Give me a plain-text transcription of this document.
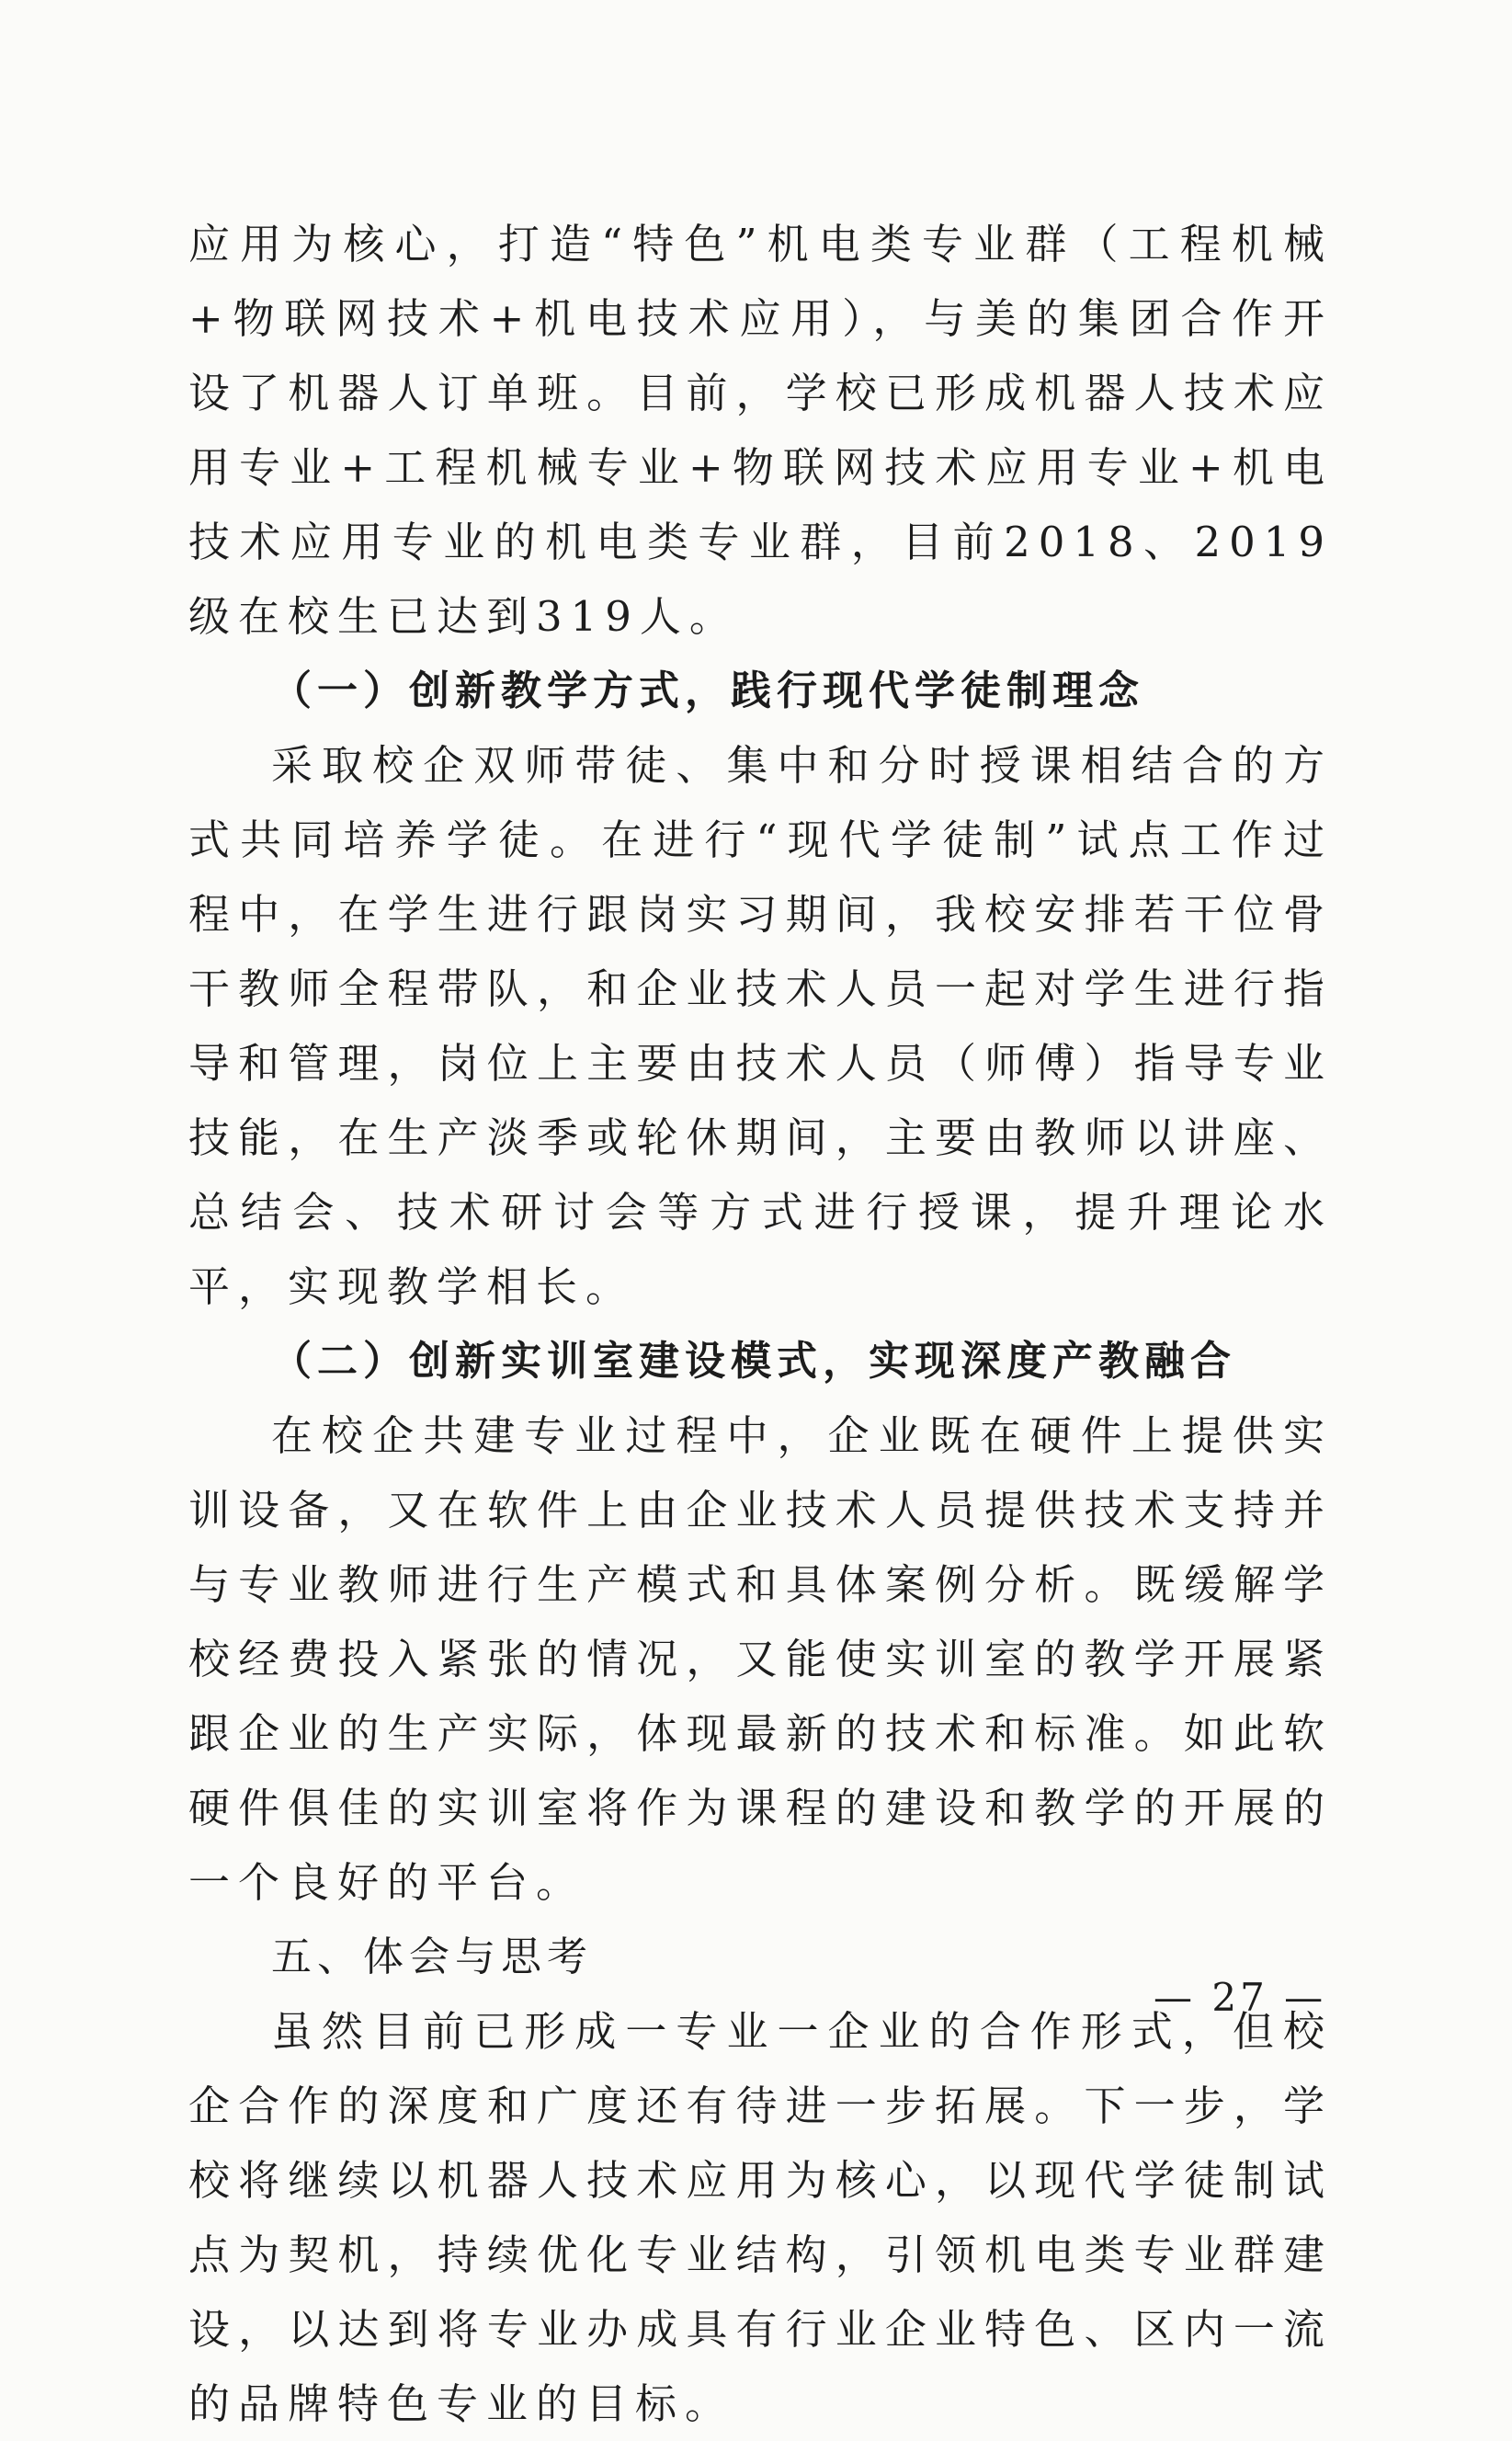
应用为核心，打造“特色”机电类专业群（工程机械+物联网技术+机电技术应用），与美的集团合作开设了机器人订单班。目前，学校已形成机器人技术应用专业+工程机械专业+物联网技术应用专业+机电技术应用专业的机电类专业群，目前2018、2019级在校生已达到319人。

（一）创新教学方式，践行现代学徒制理念

采取校企双师带徒、集中和分时授课相结合的方式共同培养学徒。在进行“现代学徒制”试点工作过程中，在学生进行跟岗实习期间，我校安排若干位骨干教师全程带队，和企业技术人员一起对学生进行指导和管理，岗位上主要由技术人员（师傅）指导专业技能，在生产淡季或轮休期间，主要由教师以讲座、总结会、技术研讨会等方式进行授课，提升理论水平，实现教学相长。

（二）创新实训室建设模式，实现深度产教融合

在校企共建专业过程中，企业既在硬件上提供实训设备，又在软件上由企业技术人员提供技术支持并与专业教师进行生产模式和具体案例分析。既缓解学校经费投入紧张的情况，又能使实训室的教学开展紧跟企业的生产实际，体现最新的技术和标准。如此软硬件俱佳的实训室将作为课程的建设和教学的开展的一个良好的平台。

五、体会与思考

虽然目前已形成一专业一企业的合作形式，但校企合作的深度和广度还有待进一步拓展。下一步，学校将继续以机器人技术应用为核心，以现代学徒制试点为契机，持续优化专业结构，引领机电类专业群建设，以达到将专业办成具有行业企业特色、区内一流的品牌特色专业的目标。

— 27 —
